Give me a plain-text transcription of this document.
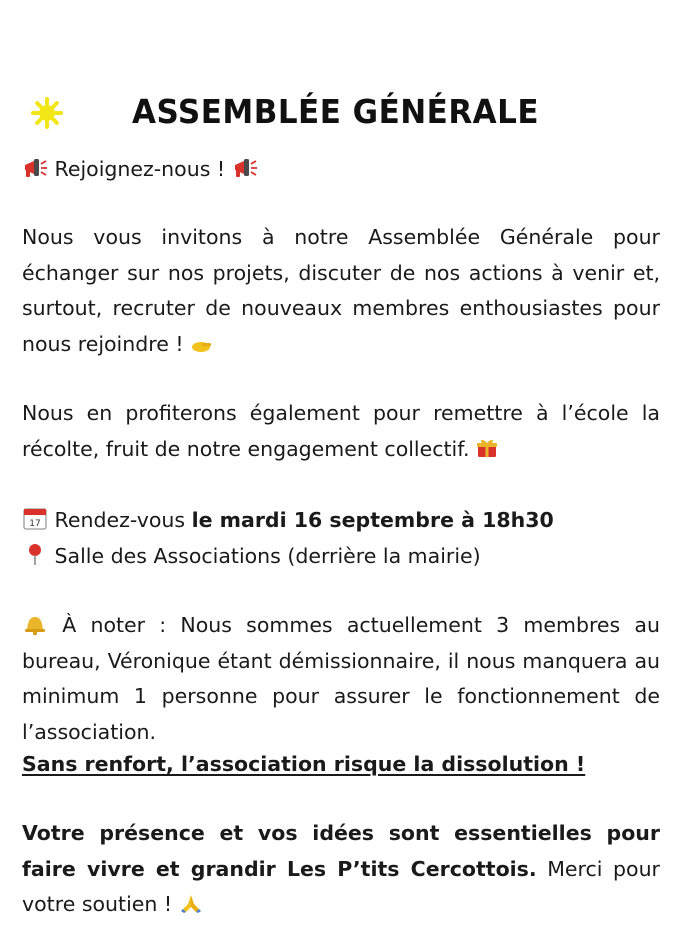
ASSEMBLÉE GÉNÉRALE
Rejoignez-nous !
Nous vous invitons à notre Assemblée Générale pour échanger sur nos projets, discuter de nos actions à venir et, surtout, recruter de nouveaux membres enthousiastes pour nous rejoindre !
Nous en profiterons également pour remettre à l’école la récolte, fruit de notre engagement collectif.
17 Rendez-vous le mardi 16 septembre à 18h30
Salle des Associations (derrière la mairie)
À noter : Nous sommes actuellement 3 membres au bureau, Véronique étant démissionnaire, il nous manquera au minimum 1 personne pour assurer le fonctionnement de l’association.
Sans renfort, l’association risque la dissolution !
Votre présence et vos idées sont essentielles pour faire vivre et grandir Les P’tits Cercottois. Merci pour votre soutien !
